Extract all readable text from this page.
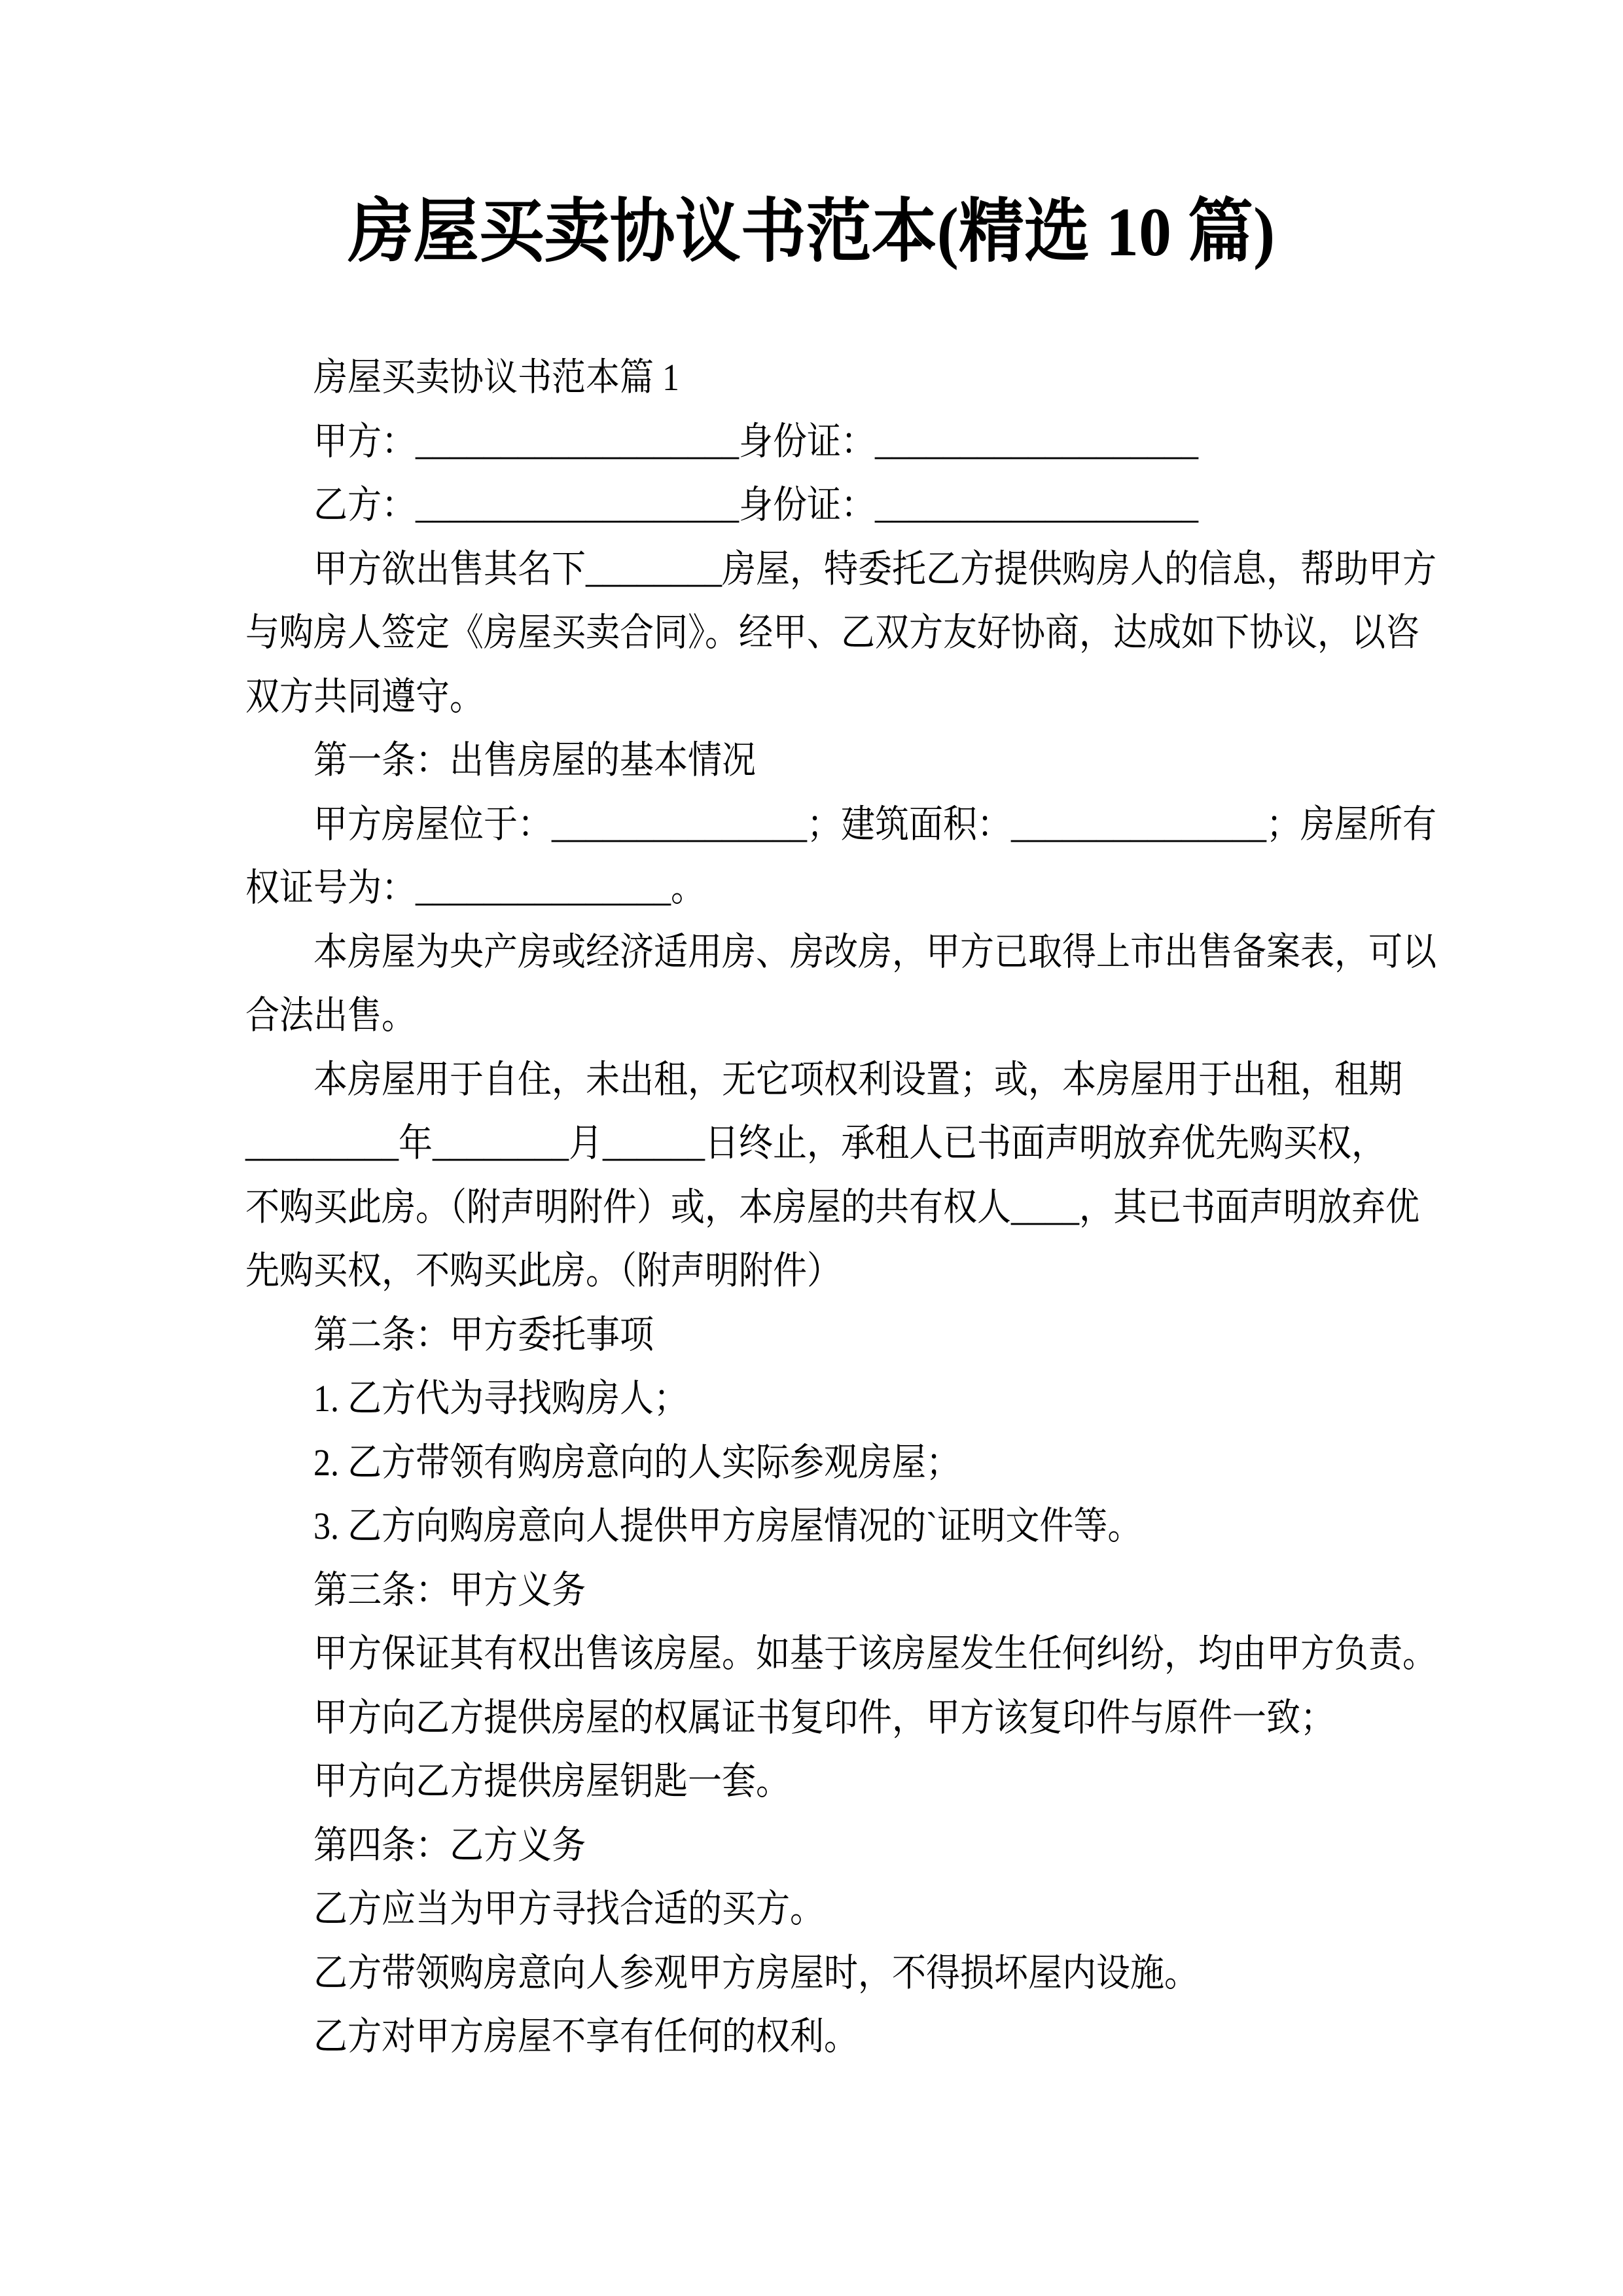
房屋买卖协议书范本(精选 10 篇)
房屋买卖协议书范本篇 1
甲方：___________________身份证：___________________
乙方：___________________身份证：___________________
甲方欲出售其名下________房屋，特委托乙方提供购房人的信息，帮助甲方
与购房人签定《房屋买卖合同》。经甲、乙双方友好协商，达成如下协议，以咨
双方共同遵守。
第一条：出售房屋的基本情况
甲方房屋位于：_______________；建筑面积：_______________；房屋所有
权证号为：_______________。
本房屋为央产房或经济适用房、房改房，甲方已取得上市出售备案表，可以
合法出售。
本房屋用于自住，未出租，无它项权利设置；或，本房屋用于出租，租期
_________年________月______日终止，承租人已书面声明放弃优先购买权，
不购买此房。（附声明附件）或，本房屋的共有权人____，其已书面声明放弃优
先购买权，不购买此房。（附声明附件）
第二条：甲方委托事项
1. 乙方代为寻找购房人；
2. 乙方带领有购房意向的人实际参观房屋；
3. 乙方向购房意向人提供甲方房屋情况的`证明文件等。
第三条：甲方义务
甲方保证其有权出售该房屋。如基于该房屋发生任何纠纷，均由甲方负责。
甲方向乙方提供房屋的权属证书复印件，甲方该复印件与原件一致；
甲方向乙方提供房屋钥匙一套。
第四条：乙方义务
乙方应当为甲方寻找合适的买方。
乙方带领购房意向人参观甲方房屋时，不得损坏屋内设施。
乙方对甲方房屋不享有任何的权利。
